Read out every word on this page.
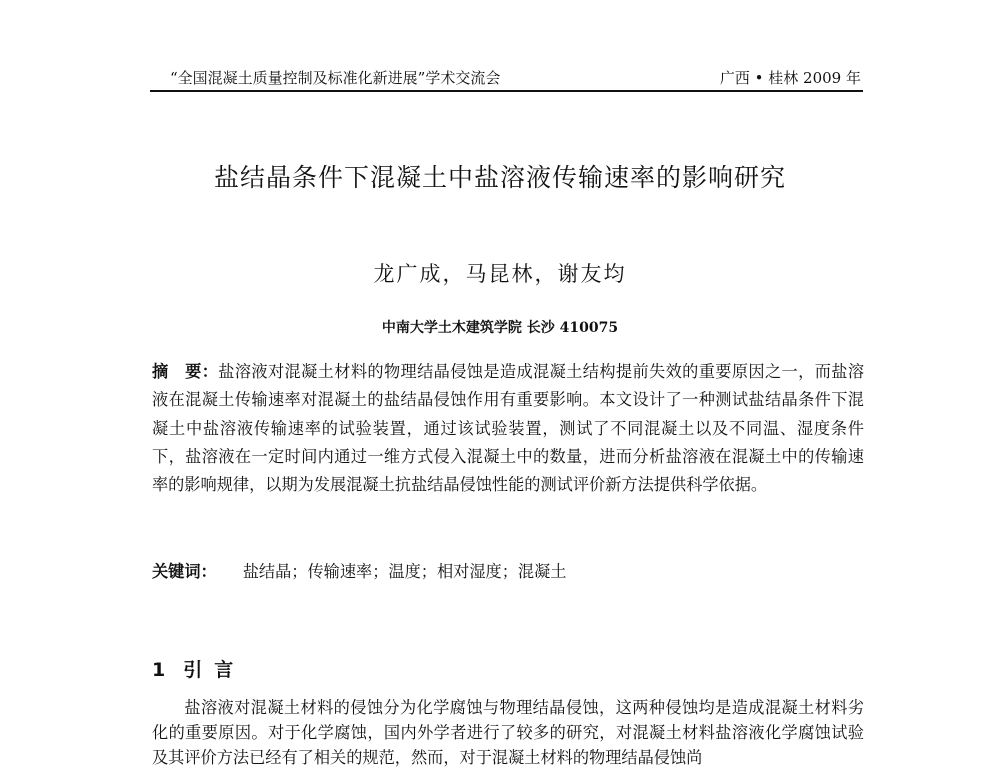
“全国混凝土质量控制及标准化新进展”学术交流会	广西 • 桂林 2009 年
盐结晶条件下混凝土中盐溶液传输速率的影响研究
龙广成，马昆林，谢友均
中南大学土木建筑学院 长沙 410075

摘　要：盐溶液对混凝土材料的物理结晶侵蚀是造成混凝土结构提前失效的重要原因之一，而盐溶液在混凝土传输速率对混凝土的盐结晶侵蚀作用有重要影响。本文设计了一种测试盐结晶条件下混凝土中盐溶液传输速率的试验装置，通过该试验装置，测试了不同混凝土以及不同温、湿度条件下，盐溶液在一定时间内通过一维方式侵入混凝土中的数量，进而分析盐溶液在混凝土中的传输速率的影响规律，以期为发展混凝土抗盐结晶侵蚀性能的测试评价新方法提供科学依据。

关键词： 盐结晶；传输速率；温度；相对湿度；混凝土
1 引言

盐溶液对混凝土材料的侵蚀分为化学腐蚀与物理结晶侵蚀，这两种侵蚀均是造成混凝土材料劣化的重要原因。对于化学腐蚀，国内外学者进行了较多的研究，对混凝土材料盐溶液化学腐蚀试验及其评价方法已经有了相关的规范，然而，对于混凝土材料的物理结晶侵蚀尚
